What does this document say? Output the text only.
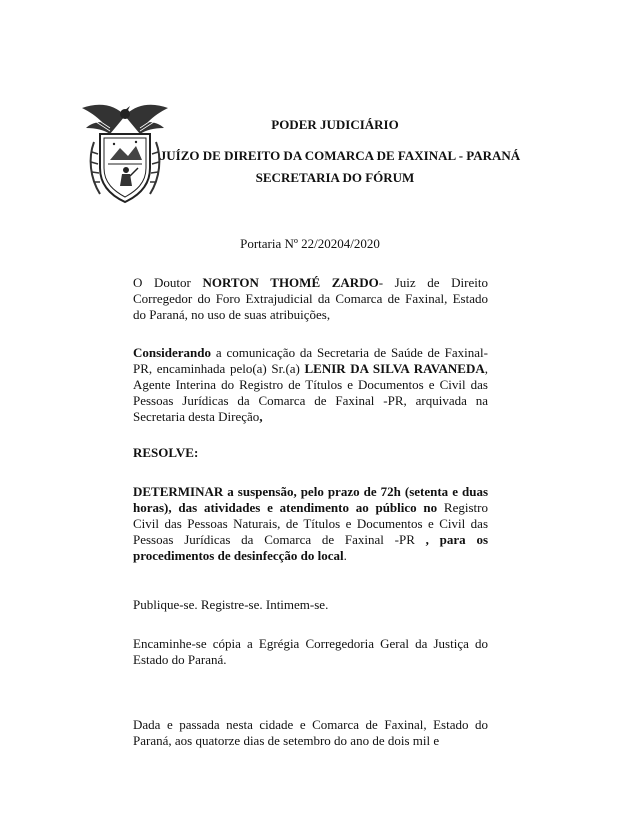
PODER JUDICIÁRIO
JUÍZO DE DIREITO DA COMARCA DE FAXINAL - PARANÁ
SECRETARIA DO FÓRUM
Portaria Nº 22/20204/2020

O Doutor NORTON THOMÉ ZARDO- Juiz de Direito Corregedor do Foro Extrajudicial da Comarca de Faxinal, Estado do Paraná, no uso de suas atribuições,

Considerando a comunicação da Secretaria de Saúde de Faxinal-PR, encaminhada pelo(a) Sr.(a) LENIR DA SILVA RAVANEDA, Agente Interina do Registro de Títulos e Documentos e Civil das Pessoas Jurídicas da Comarca de Faxinal -PR, arquivada na Secretaria desta Direção,

RESOLVE:

DETERMINAR a suspensão, pelo prazo de 72h (setenta e duas horas), das atividades e atendimento ao público no Registro Civil das Pessoas Naturais, de Títulos e Documentos e Civil das Pessoas Jurídicas da Comarca de Faxinal -PR , para os procedimentos de desinfecção do local.

Publique-se. Registre-se. Intimem-se.

Encaminhe-se cópia a Egrégia Corregedoria Geral da Justiça do Estado do Paraná.

Dada e passada nesta cidade e Comarca de Faxinal, Estado do Paraná, aos quatorze dias de setembro do ano de dois mil e
